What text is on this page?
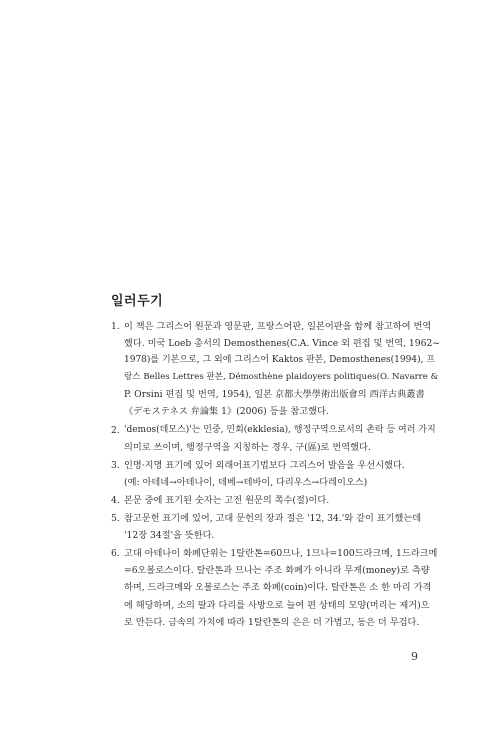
일러두기
1. 이 책은 그리스어 원문과 영문판, 프랑스어판, 일본어판을 함께 참고하여 번역
했다. 미국 Loeb 총서의 Demosthenes(C.A. Vince 외 편집 및 번역, 1962~
1978)를 기본으로, 그 외에 그리스어 Kaktos 판본, Demosthenes(1994), 프
랑스 Belles Lettres 판본, Démosthène plaidoyers politiques(O. Navarre &
P. Orsini 편집 및 번역, 1954), 일본 京都大學學術出版會의 西洋古典叢書
《デモステネス 弁論集 1》(2006) 등을 참고했다.
2. 'demos(데모스)'는 민중, 민회(ekklesia), 행정구역으로서의 촌락 등 여러 가지
의미로 쓰이며, 행정구역을 지칭하는 경우, 구(區)로 번역했다.
3. 인명·지명 표기에 있어 외래어표기법보다 그리스어 발음을 우선시했다.
(예: 아테네→아테나이, 테베→테바이, 다리우스→다레이오스)
4. 본문 중에 표기된 숫자는 고전 원문의 쪽수(절)이다.
5. 참고문헌 표기에 있어, 고대 문헌의 장과 절은 '12, 34.'와 같이 표기했는데
'12장 34절'을 뜻한다.
6. 고대 아테나이 화폐단위는 1탈란톤=60므나, 1므나=100드라크메, 1드라크메
=6오볼로스이다. 탈란톤과 므나는 주조 화폐가 아니라 무게(money)로 측량
하며, 드라크메와 오볼로스는 주조 화폐(coin)이다. 탈란톤은 소 한 마리 가격
에 해당하며, 소의 팔과 다리를 사방으로 늘여 편 상태의 모양(머리는 제거)으
로 만든다. 금속의 가치에 따라 1탈란톤의 은은 더 가볍고, 동은 더 무겁다.
9
